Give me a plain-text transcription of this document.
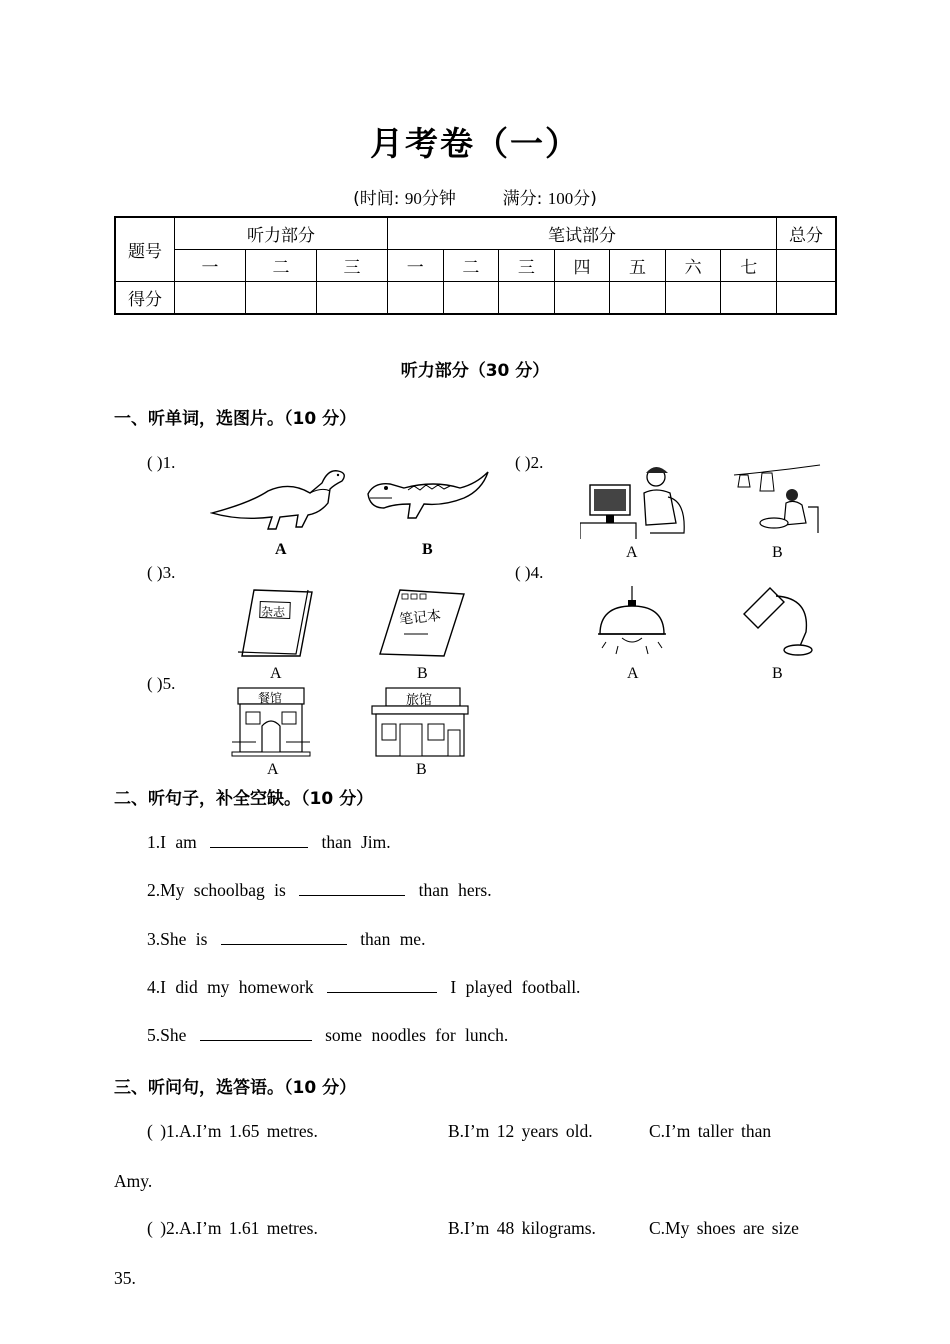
月考卷（一）
(时间: 90分钟	满分: 100分)
题号	听力部分			笔试部分							总分
	一	二	三	一	二	三	四	五	六	七	
得分											
听力部分（30 分）
一、听单词，选图片。（10 分）
( )1.	( )2.
( )3.	( )4.
( )5.
A	B	A	B
杂志	笔记本
A	B	A	B
餐馆	旅馆
A	B
二、听句子，补全空缺。（10 分）
1.I am	than Jim.
2.My schoolbag is	than hers.
3.She is	than me.
4.I did my homework	I played football.
5.She	some noodles for lunch.
三、听问句，选答语。（10 分）
( )1.A.I’m 1.65 metres.	B.I’m 12 years old.	C.I’m taller than
Amy.
( )2.A.I’m 1.61 metres.	B.I’m 48 kilograms.	C.My shoes are size
35.
